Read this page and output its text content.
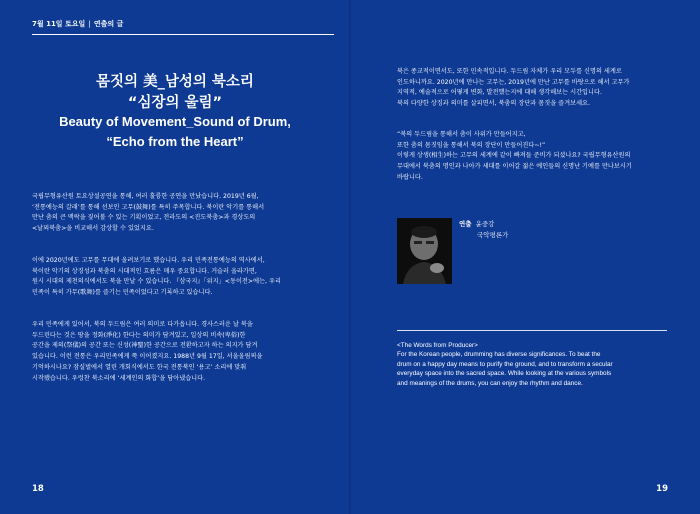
7월 11일 토요일 | 연출의 글
몸짓의 美_남성의 북소리
“심장의 울림”
Beauty of Movement_Sound of Drum,
“Echo from the Heart”

국립무형유산원 토요상설공연을 통해, 여러 훌륭한 공연을 만났습니다. 2019년 6월,

‘전통예능의 갈래’를 통해 선보인 고무(鼓舞)를 특히 주목합니다. 북이란 악기를 통해서

만난 춤의 큰 맥락을 짚어볼 수 있는 기획이었고, 전라도의 <진도북춤>과 경상도의

<날뫼북춤>을 비교해서 감상할 수 있었지요.

이에 2020년에도 고무를 무대에 올려보기로 했습니다. 우리 민족전통예능의 역사에서,

북이란 악기의 상징성과 북춤의 시대적인 흐름은 매우 중요합니다. 거슬러 올라가면,

원시 시대의 제천의식에서도 북을 만날 수 있습니다. 『삼국지』「위지」<동이전>에는, 우리

민족이 특히 가무(歌舞)를 즐기는 민족이었다고 기록하고 있습니다.

우리 민족에게 있어서, 북의 두드림은 여러 의미로 다가옵니다. 경사스러운 날 북을

두드린다는 것은 땅을 정화(淨化) 한다는 의미가 담겨있고, 일상의 비속(卑俗)한

공간을 제의(祭儀)의 공간 또는 신성(神聖)한 공간으로 전환하고자 하는 의지가 담겨

있습니다. 이런 전통은 우리민족에게 쭉 이어졌지요. 1988년 9월 17일, 서울올림픽을

기억하시나요? 잠실벌에서 열린 개회식에서도 한국 전통북인 ‘용고’ 소리에 맞춰

시작됐습니다. 우렁찬 북소리에 ‘세계인의 화합’을 담아냈습니다.

18

북은 종교적이면서도, 또한 민속적입니다. 두드림 자체가 우리 모두를 신명의 세계로

인도하니까요. 2020년에 만나는 고무는, 2019년에 만난 고무를 바탕으로 해서 고무가

지역적, 예술적으로 어떻게 변화, 발전했는지에 대해 생각해보는 시간입니다.

북의 다양한 상징과 의미를 살피면서, 북춤의 장단과 몸짓을 즐겨보세요.

“북의 두드림을 통해서 춤이 사위가 만들어지고,

또한 춤의 몸짓임을 통해서 북의 장단이 만들어진다~!”

이렇게 상생(相生)하는 고무의 세계에 같이 빠져들 준비가 되셨나요? 국립무형유산원의

무대에서 북춤의 명인과 나아가 세대를 이어갈 젊은 예인들의 신명난 기예를 만나보시기

바랍니다.

연출 윤중강
국악평론가

<The Words from Producer>

For the Korean people, drumming has diverse significances. To beat the

drum on a happy day means to purify the ground, and to transform a secular

everyday space into the sacred space. While looking at the various symbols

and meanings of the drums, you can enjoy the rhythm and dance.

19
